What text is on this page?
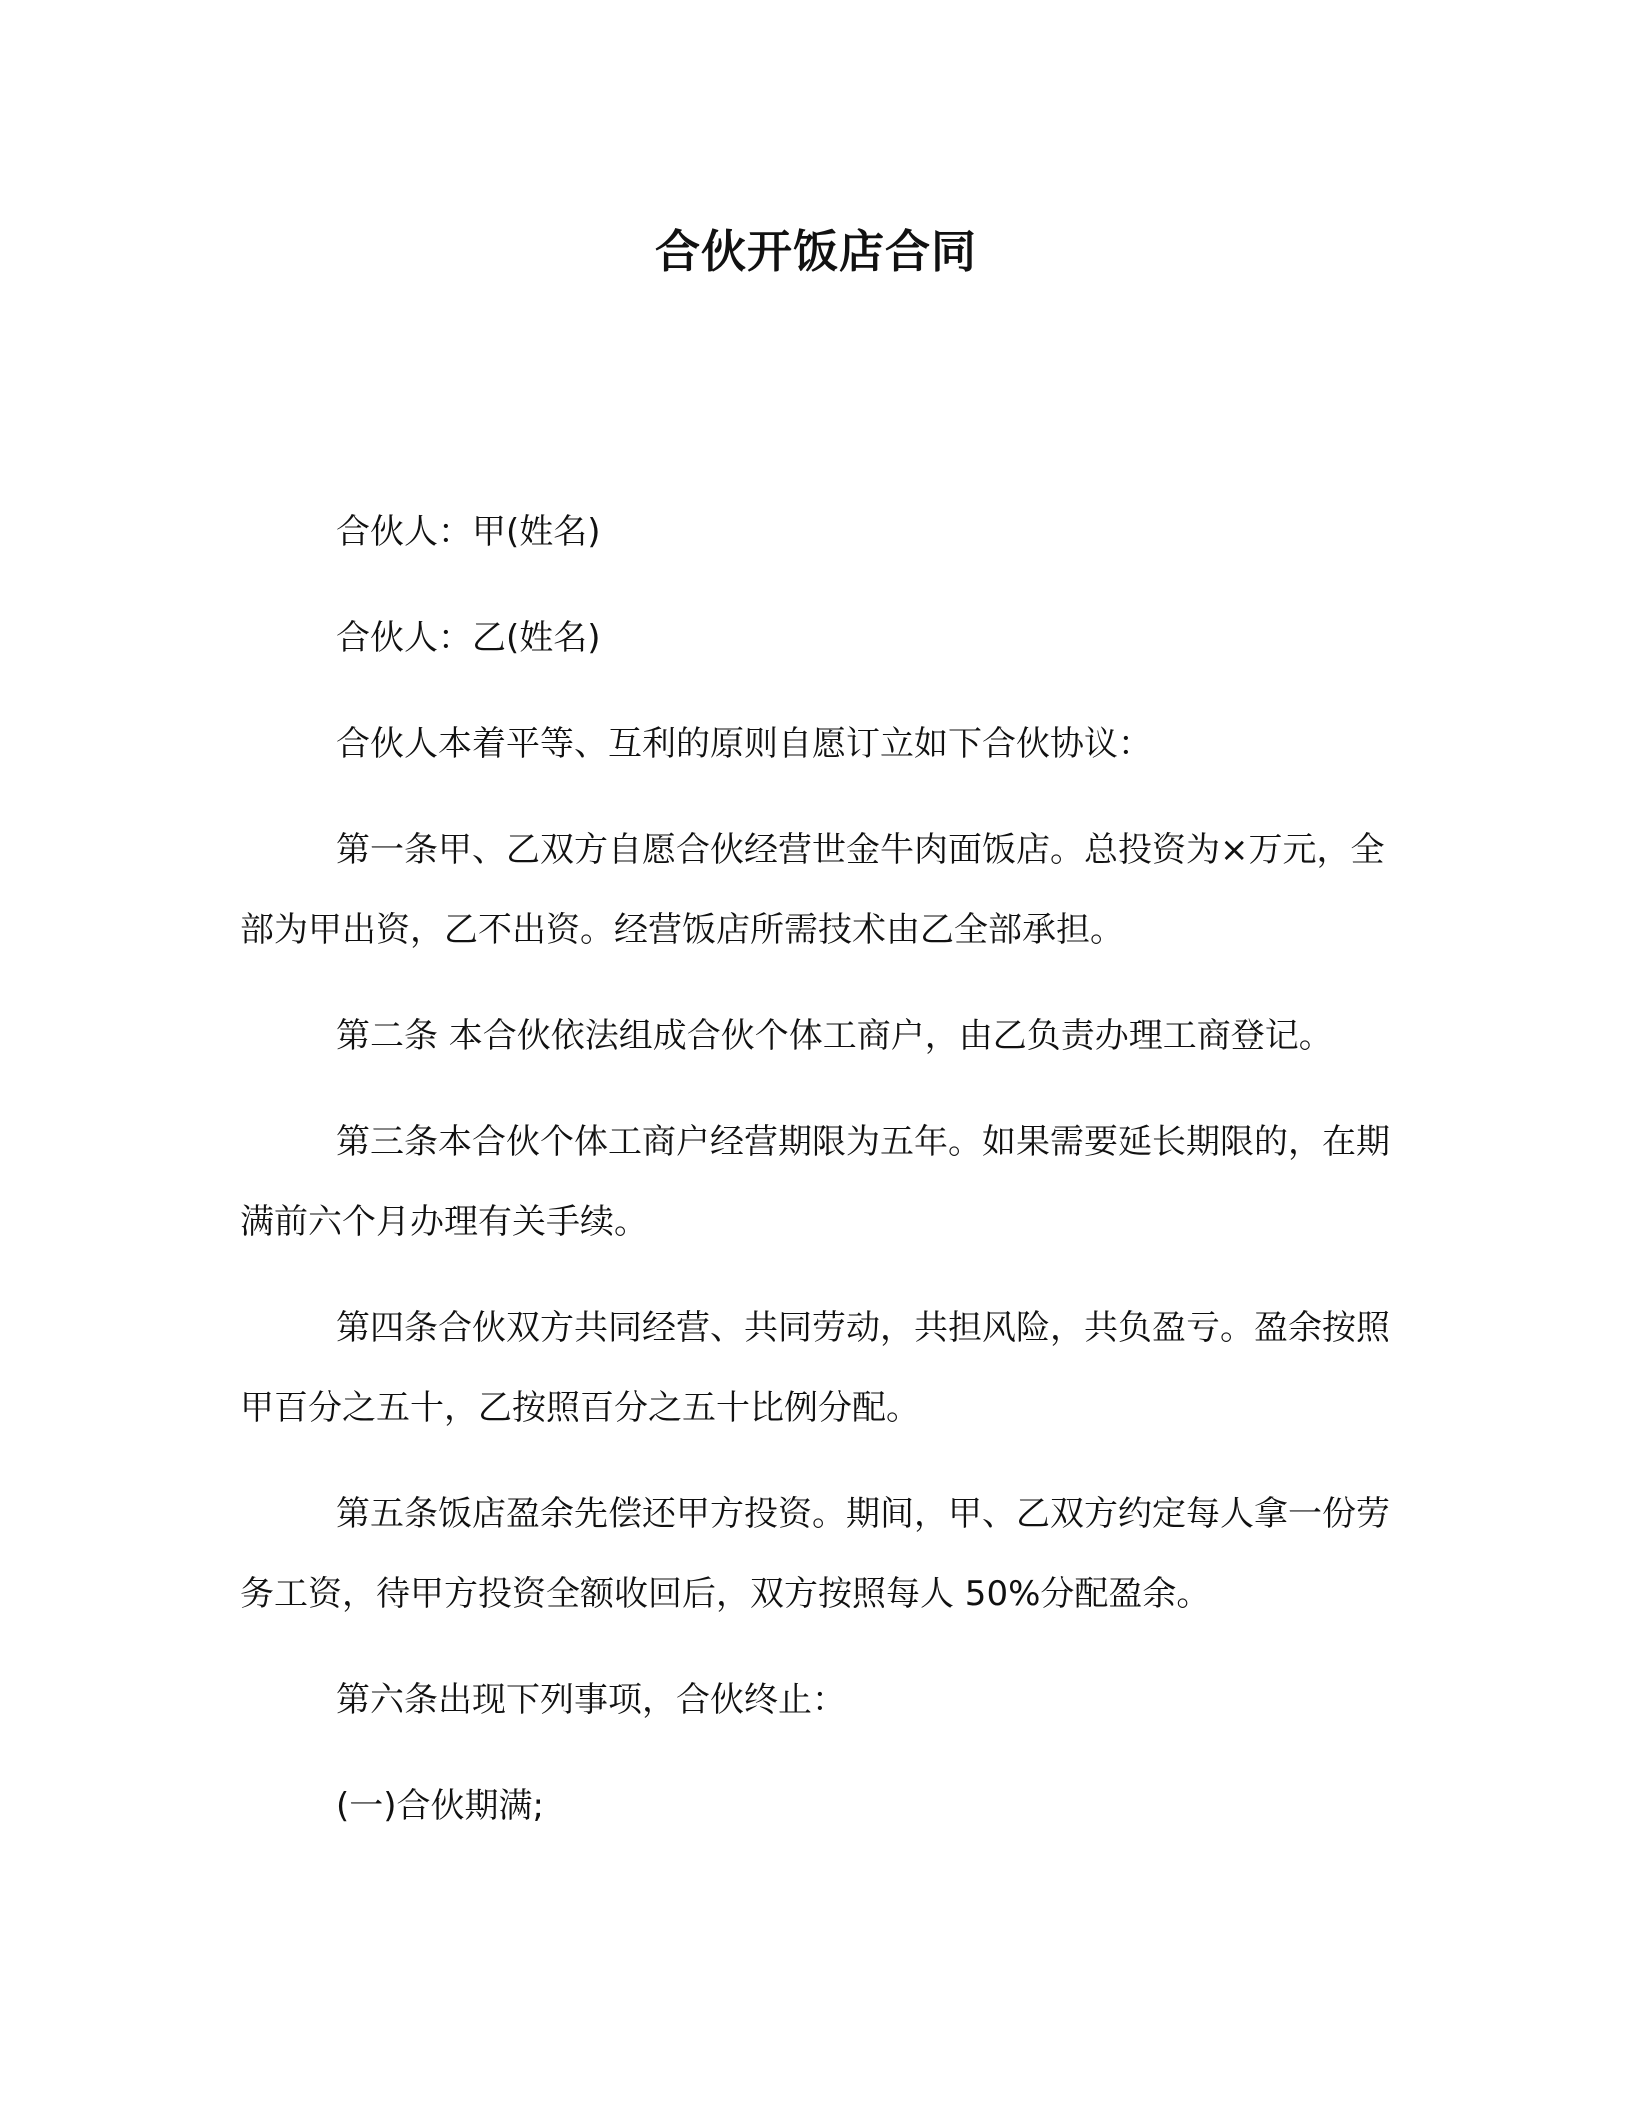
合伙开饭店合同

合伙人：甲(姓名)

合伙人：乙(姓名)

合伙人本着平等、互利的原则自愿订立如下合伙协议：

第一条甲、乙双方自愿合伙经营世金牛肉面饭店。总投资为×万元，全部为甲出资，乙不出资。经营饭店所需技术由乙全部承担。

第二条 本合伙依法组成合伙个体工商户，由乙负责办理工商登记。

第三条本合伙个体工商户经营期限为五年。如果需要延长期限的，在期满前六个月办理有关手续。

第四条合伙双方共同经营、共同劳动，共担风险，共负盈亏。盈余按照甲百分之五十，乙按照百分之五十比例分配。

第五条饭店盈余先偿还甲方投资。期间，甲、乙双方约定每人拿一份劳务工资，待甲方投资全额收回后，双方按照每人 50%分配盈余。

第六条出现下列事项，合伙终止：

(一)合伙期满;
